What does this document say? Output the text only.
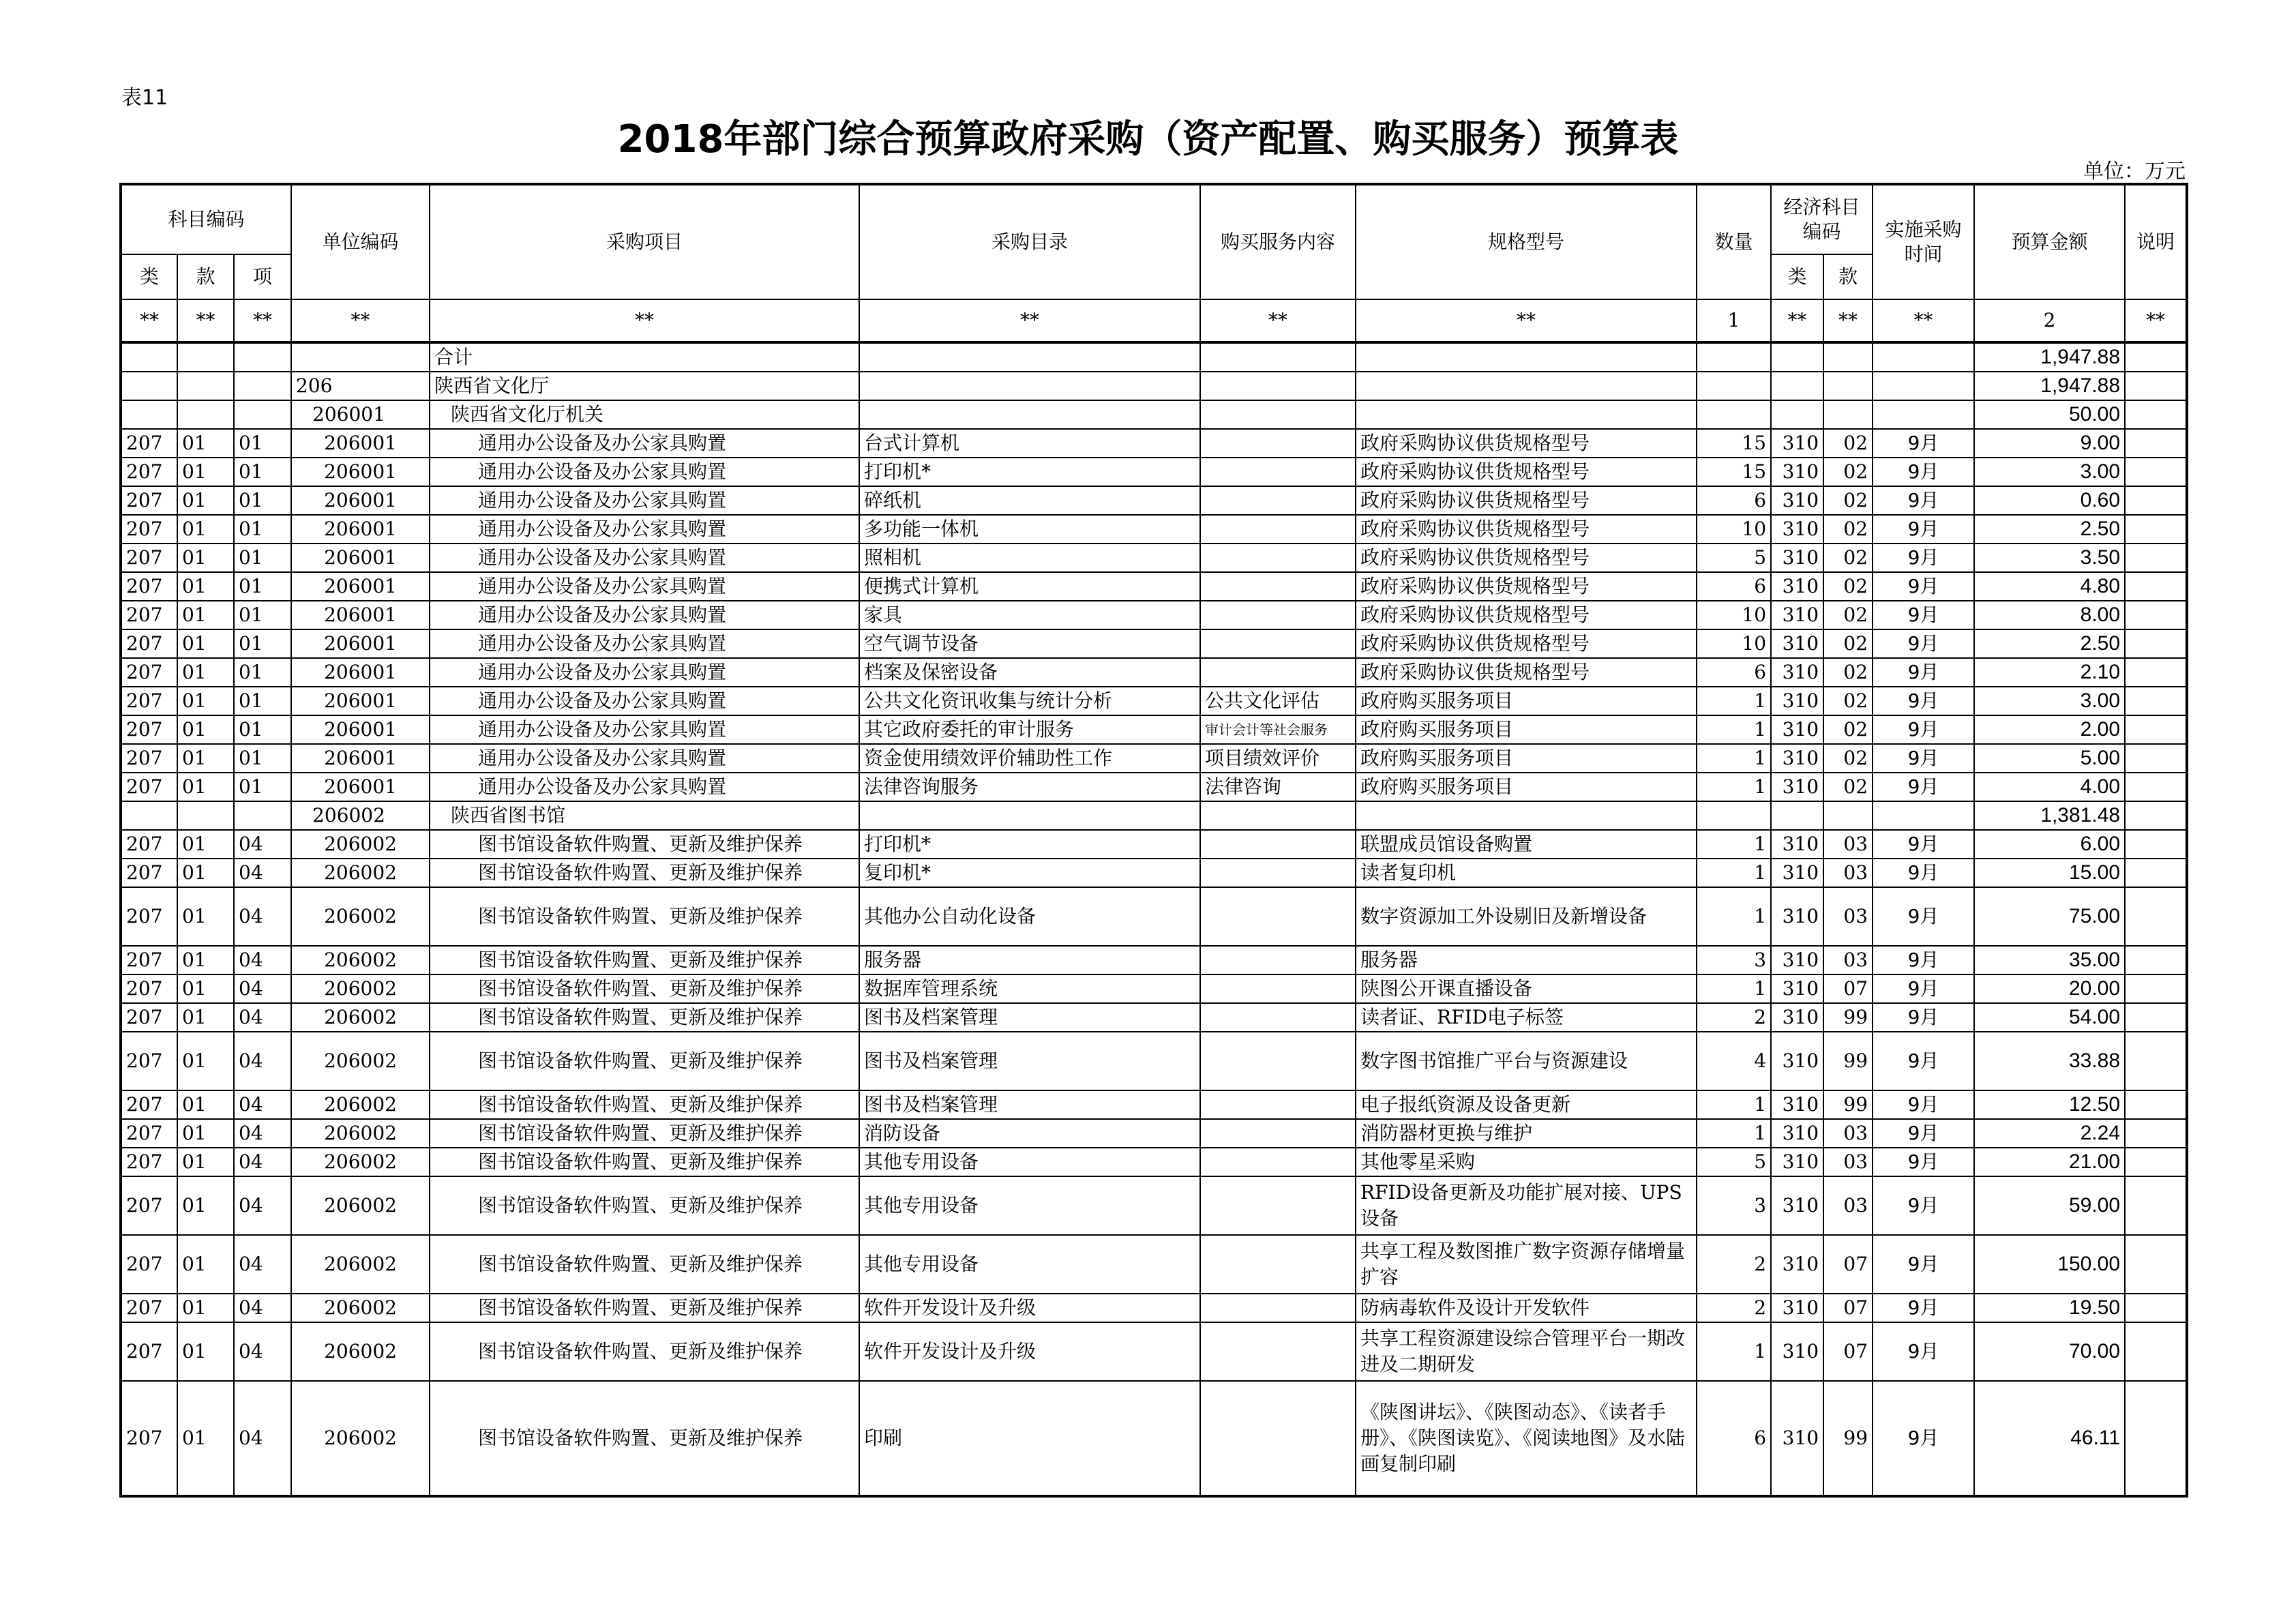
表11
2018年部门综合预算政府采购（资产配置、购买服务）预算表
单位：万元
科目编码			单位编码	采购项目	采购目录	购买服务内容	规格型号	数量	经济科目编码		实施采购时间	预算金额	说明
类	款	项							类	款			
**	**	**	**	**	**	**	**	1	**	**	**	2	**
				合计								1,947.88	
			206	陕西省文化厅								1,947.88	
			206001	陕西省文化厅机关								50.00	
207	01	01	206001	通用办公设备及办公家具购置	台式计算机		政府采购协议供货规格型号	15	310	02	9月	9.00	
207	01	01	206001	通用办公设备及办公家具购置	打印机*		政府采购协议供货规格型号	15	310	02	9月	3.00	
207	01	01	206001	通用办公设备及办公家具购置	碎纸机		政府采购协议供货规格型号	6	310	02	9月	0.60	
207	01	01	206001	通用办公设备及办公家具购置	多功能一体机		政府采购协议供货规格型号	10	310	02	9月	2.50	
207	01	01	206001	通用办公设备及办公家具购置	照相机		政府采购协议供货规格型号	5	310	02	9月	3.50	
207	01	01	206001	通用办公设备及办公家具购置	便携式计算机		政府采购协议供货规格型号	6	310	02	9月	4.80	
207	01	01	206001	通用办公设备及办公家具购置	家具		政府采购协议供货规格型号	10	310	02	9月	8.00	
207	01	01	206001	通用办公设备及办公家具购置	空气调节设备		政府采购协议供货规格型号	10	310	02	9月	2.50	
207	01	01	206001	通用办公设备及办公家具购置	档案及保密设备		政府采购协议供货规格型号	6	310	02	9月	2.10	
207	01	01	206001	通用办公设备及办公家具购置	公共文化资讯收集与统计分析	公共文化评估	政府购买服务项目	1	310	02	9月	3.00	
207	01	01	206001	通用办公设备及办公家具购置	其它政府委托的审计服务	审计会计等社会服务	政府购买服务项目	1	310	02	9月	2.00	
207	01	01	206001	通用办公设备及办公家具购置	资金使用绩效评价辅助性工作	项目绩效评价	政府购买服务项目	1	310	02	9月	5.00	
207	01	01	206001	通用办公设备及办公家具购置	法律咨询服务	法律咨询	政府购买服务项目	1	310	02	9月	4.00	
			206002	陕西省图书馆								1,381.48	
207	01	04	206002	图书馆设备软件购置、更新及维护保养	打印机*		联盟成员馆设备购置	1	310	03	9月	6.00	
207	01	04	206002	图书馆设备软件购置、更新及维护保养	复印机*		读者复印机	1	310	03	9月	15.00	
207	01	04	206002	图书馆设备软件购置、更新及维护保养	其他办公自动化设备		数字资源加工外设剔旧及新增设备	1	310	03	9月	75.00	
207	01	04	206002	图书馆设备软件购置、更新及维护保养	服务器		服务器	3	310	03	9月	35.00	
207	01	04	206002	图书馆设备软件购置、更新及维护保养	数据库管理系统		陕图公开课直播设备	1	310	07	9月	20.00	
207	01	04	206002	图书馆设备软件购置、更新及维护保养	图书及档案管理		读者证、RFID电子标签	2	310	99	9月	54.00	
207	01	04	206002	图书馆设备软件购置、更新及维护保养	图书及档案管理		数字图书馆推广平台与资源建设	4	310	99	9月	33.88	
207	01	04	206002	图书馆设备软件购置、更新及维护保养	图书及档案管理		电子报纸资源及设备更新	1	310	99	9月	12.50	
207	01	04	206002	图书馆设备软件购置、更新及维护保养	消防设备		消防器材更换与维护	1	310	03	9月	2.24	
207	01	04	206002	图书馆设备软件购置、更新及维护保养	其他专用设备		其他零星采购	5	310	03	9月	21.00	
207	01	04	206002	图书馆设备软件购置、更新及维护保养	其他专用设备		RFID设备更新及功能扩展对接、UPS设备	3	310	03	9月	59.00	
207	01	04	206002	图书馆设备软件购置、更新及维护保养	其他专用设备		共享工程及数图推广数字资源存储增量扩容	2	310	07	9月	150.00	
207	01	04	206002	图书馆设备软件购置、更新及维护保养	软件开发设计及升级		防病毒软件及设计开发软件	2	310	07	9月	19.50	
207	01	04	206002	图书馆设备软件购置、更新及维护保养	软件开发设计及升级		共享工程资源建设综合管理平台一期改进及二期研发	1	310	07	9月	70.00	
207	01	04	206002	图书馆设备软件购置、更新及维护保养	印刷		《陕图讲坛》、《陕图动态》、《读者手册》、《陕图读览》、《阅读地图》及水陆画复制印刷	6	310	99	9月	46.11	
